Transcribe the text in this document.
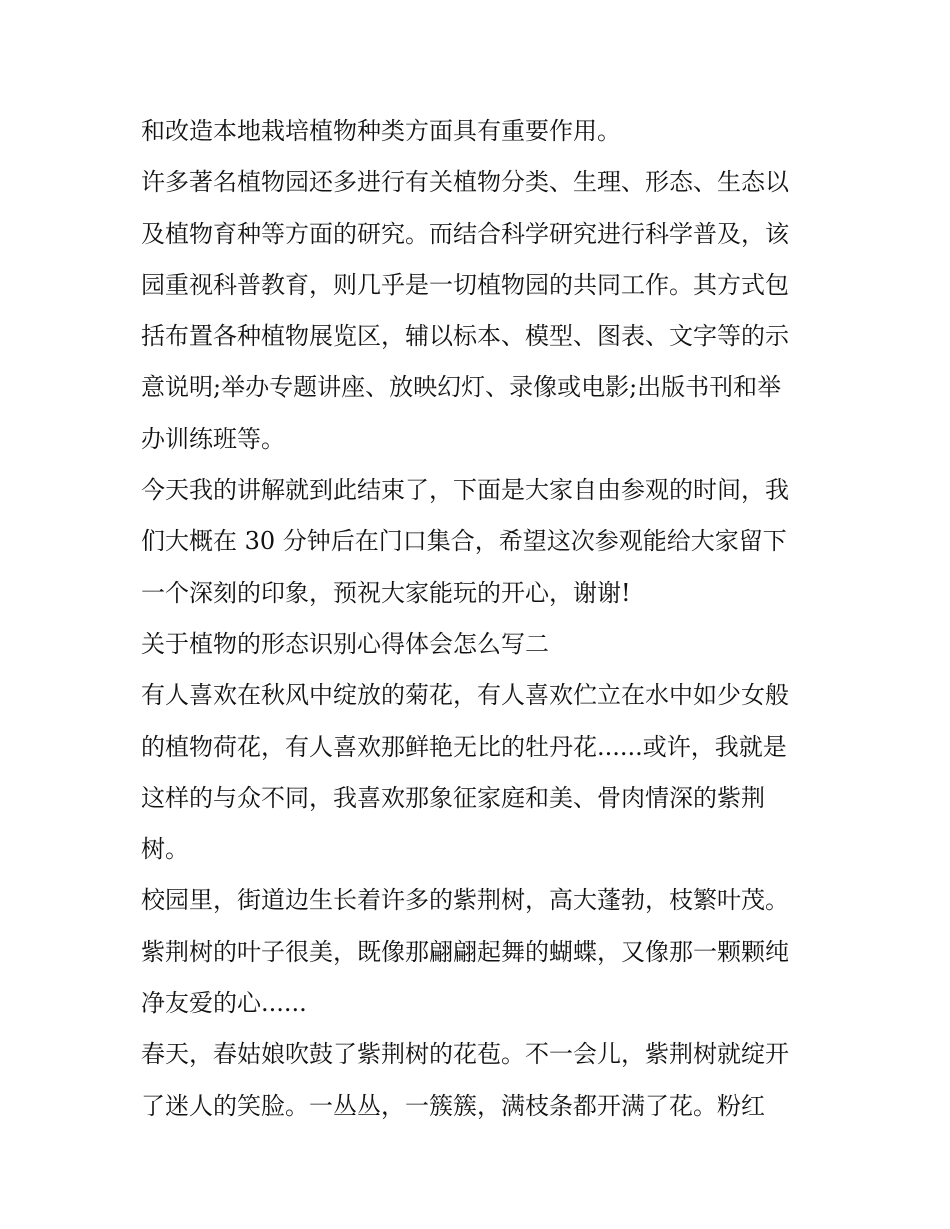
和改造本地栽培植物种类方面具有重要作用。
许多著名植物园还多进行有关植物分类、生理、形态、生态以
及植物育种等方面的研究。而结合科学研究进行科学普及，该
园重视科普教育，则几乎是一切植物园的共同工作。其方式包
括布置各种植物展览区，辅以标本、模型、图表、文字等的示
意说明;举办专题讲座、放映幻灯、录像或电影;出版书刊和举
办训练班等。
今天我的讲解就到此结束了，下面是大家自由参观的时间，我
们大概在 30 分钟后在门口集合，希望这次参观能给大家留下
一个深刻的印象，预祝大家能玩的开心，谢谢!
关于植物的形态识别心得体会怎么写二
有人喜欢在秋风中绽放的菊花，有人喜欢伫立在水中如少女般
的植物荷花，有人喜欢那鲜艳无比的牡丹花......或许，我就是
这样的与众不同，我喜欢那象征家庭和美、骨肉情深的紫荆
树。
校园里，街道边生长着许多的紫荆树，高大蓬勃，枝繁叶茂。
紫荆树的叶子很美，既像那翩翩起舞的蝴蝶，又像那一颗颗纯
净友爱的心......
春天，春姑娘吹鼓了紫荆树的花苞。不一会儿，紫荆树就绽开
了迷人的笑脸。一丛丛，一簇簇，满枝条都开满了花。粉红
